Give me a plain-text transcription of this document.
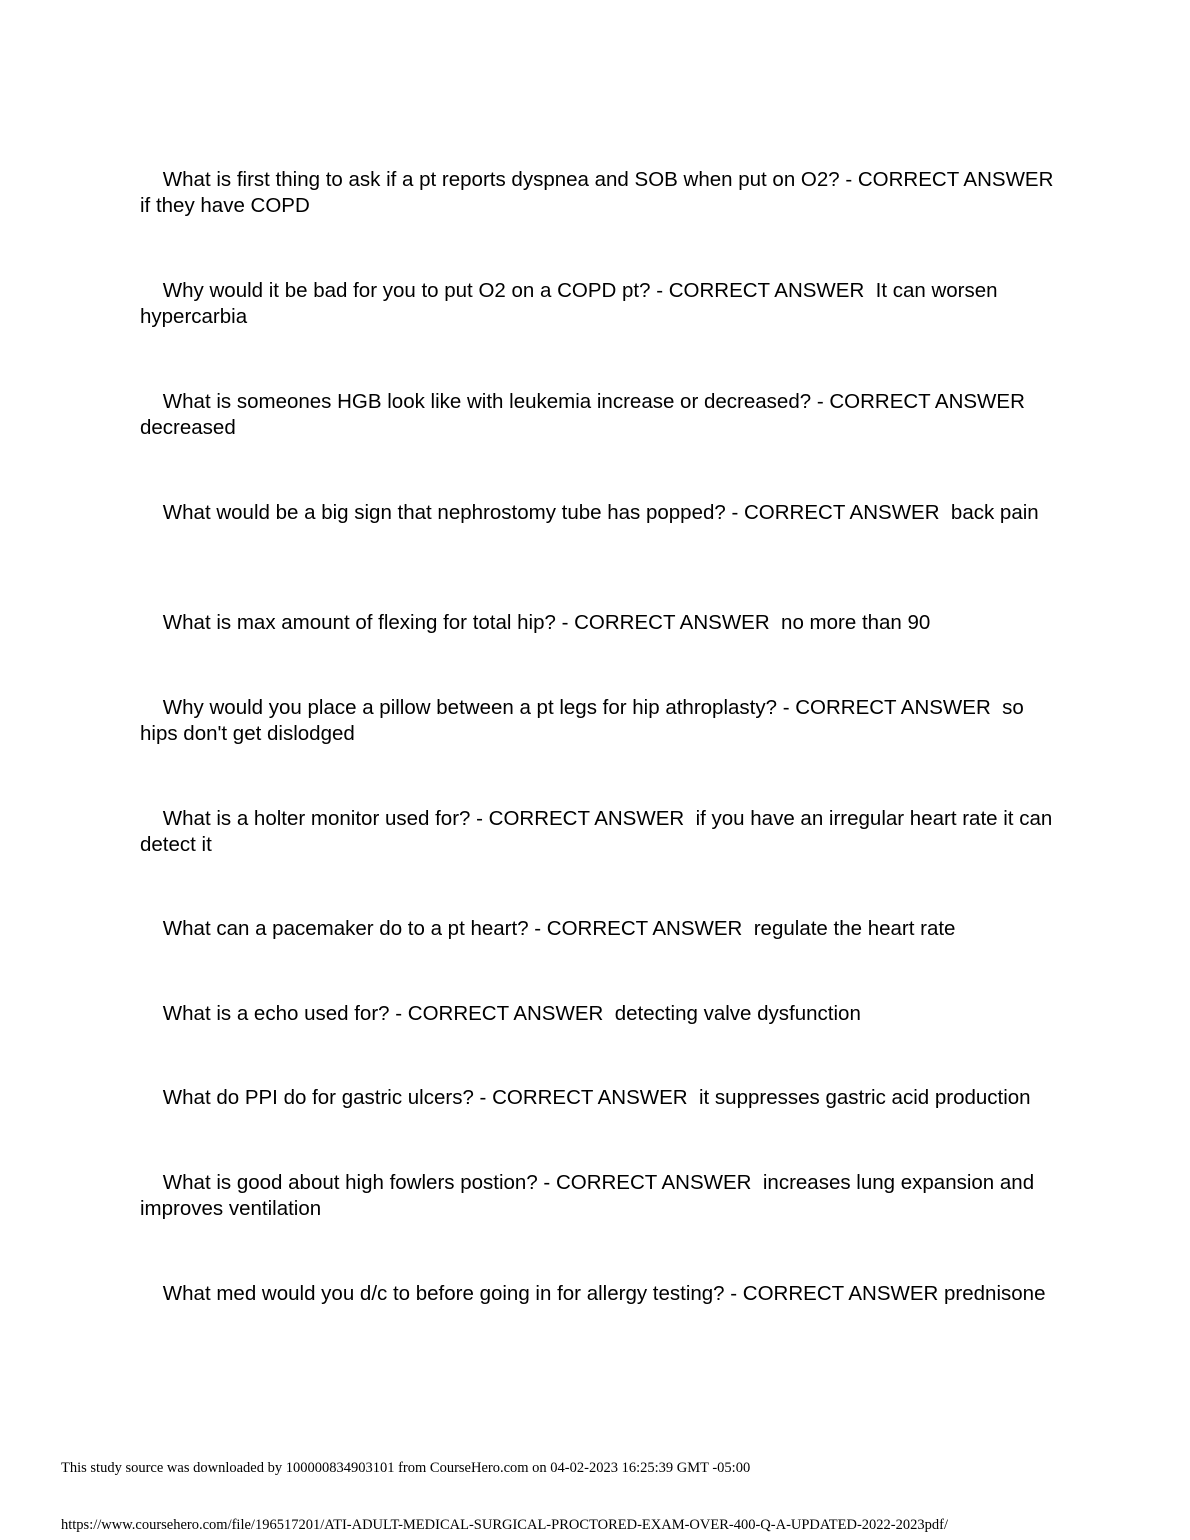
What is first thing to ask if a pt reports dyspnea and SOB when put on O2? - CORRECT ANSWER  if they have COPD

Why would it be bad for you to put O2 on a COPD pt? - CORRECT ANSWER  It can worsen hypercarbia

What is someones HGB look like with leukemia increase or decreased? - CORRECT ANSWER decreased

What would be a big sign that nephrostomy tube has popped? - CORRECT ANSWER  back pain

What is max amount of flexing for total hip? - CORRECT ANSWER  no more than 90

Why would you place a pillow between a pt legs for hip athroplasty? - CORRECT ANSWER  so hips don't get dislodged

What is a holter monitor used for? - CORRECT ANSWER  if you have an irregular heart rate it can detect it

What can a pacemaker do to a pt heart? - CORRECT ANSWER  regulate the heart rate

What is a echo used for? - CORRECT ANSWER  detecting valve dysfunction

What do PPI do for gastric ulcers? - CORRECT ANSWER  it suppresses gastric acid production

What is good about high fowlers postion? - CORRECT ANSWER  increases lung expansion and improves ventilation

What med would you d/c to before going in for allergy testing? - CORRECT ANSWER prednisone

This study source was downloaded by 100000834903101 from CourseHero.com on 04-02-2023 16:25:39 GMT -05:00

https://www.coursehero.com/file/196517201/ATI-ADULT-MEDICAL-SURGICAL-PROCTORED-EXAM-OVER-400-Q-A-UPDATED-2022-2023pdf/
